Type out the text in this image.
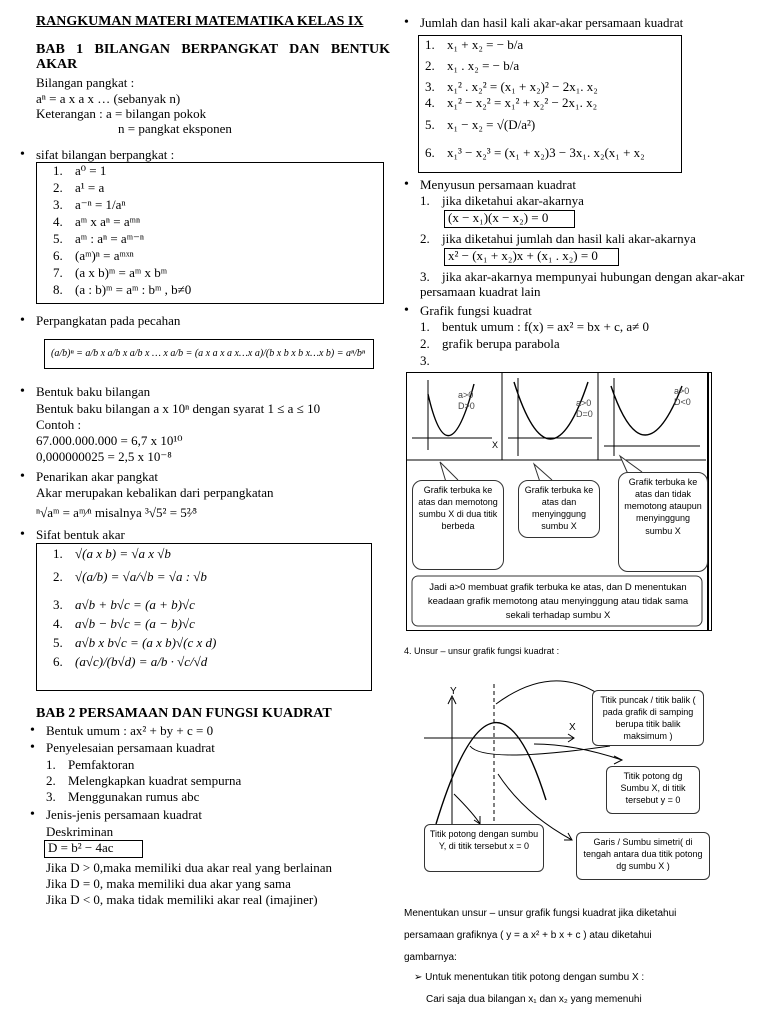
RANGKUMAN MATERI MATEMATIKA KELAS IX
BAB 1 BILANGAN BERPANGKAT DAN BENTUK AKAR
Bilangan pangkat :
aⁿ = a x a x … (sebanyak n)
Keterangan : a = bilangan pokok
n = pangkat eksponen
• sifat bilangan berpangkat :
1. a⁰ = 1
2. a¹ = a
3. a⁻ⁿ = 1/aⁿ
4. aᵐ x aⁿ = aᵐⁿ
5. aᵐ : aⁿ = aᵐ⁻ⁿ
6. (aᵐ)ⁿ = aᵐˣⁿ
7. (a x b)ᵐ = aᵐ x bᵐ
8. (a : b)ᵐ = aᵐ : bᵐ , b≠0
• Perpangkatan pada pecahan
(a/b)ⁿ = a/b x a/b x a/b x … x a/b = (a x a x a x…x a)/(b x b x b x…x b) = aⁿ/bⁿ
• Bentuk baku bilangan
Bentuk baku bilangan a x 10ⁿ dengan syarat 1 ≤ a ≤ 10
Contoh :
67.000.000.000 = 6,7 x 10¹⁰
0,000000025 = 2,5 x 10⁻⁸
• Penarikan akar pangkat
Akar merupakan kebalikan dari perpangkatan
ⁿ√aᵐ = aᵐ⁄ⁿ misalnya ³√5² = 5²⁄³
• Sifat bentuk akar
1. √(a x b) = √a x √b
2. √(a/b) = √a/√b = √a : √b
3. a√b + b√c = (a + b)√c
4. a√b − b√c = (a − b)√c
5. a√b x b√c = (a x b)√(c x d)
6. (a√c)/(b√d) = a/b · √c/√d
BAB 2 PERSAMAAN DAN FUNGSI KUADRAT
• Bentuk umum : ax² + by + c = 0
• Penyelesaian persamaan kuadrat
1. Pemfaktoran
2. Melengkapkan kuadrat sempurna
3. Menggunakan rumus abc
• Jenis-jenis persamaan kuadrat
Deskriminan
D = b² − 4ac
Jika D > 0,maka memiliki dua akar real yang berlainan
Jika D = 0, maka memiliki dua akar yang sama
Jika D < 0, maka tidak memiliki akar real (imajiner)
• Jumlah dan hasil kali akar-akar persamaan kuadrat
1. x₁ + x₂ = − b/a
2. x₁ . x₂ = − b/a
3. x₁² . x₂² = (x₁ + x₂)² − 2x₁. x₂
4. x₁² − x₂² = x₁² + x₂² − 2x₁. x₂
5. x₁ − x₂ = √(D/a²)
6. x₁³ − x₂³ = (x₁ + x₂)3 − 3x₁. x₂(x₁ + x₂
• Menyusun persamaan kuadrat
1. jika diketahui akar-akarnya
(x − x₁)(x − x₂) = 0
2. jika diketahui jumlah dan hasil kali akar-akarnya
x² − (x₁ + x₂)x + (x₁ . x₂) = 0
3. jika akar-akarnya mempunyai hubungan dengan akar-akar persamaan kuadrat lain
• Grafik fungsi kuadrat
1. bentuk umum : f(x) = ax² = bx + c, a≠ 0
2. grafik berupa parabola
3.
a>0
D>0
X
a>0
D=0
a>0
D<0
Grafik terbuka ke atas dan memotong sumbu X di dua titik berbeda
Grafik terbuka ke atas dan menyinggung sumbu X
Grafik terbuka ke atas dan tidak memotong ataupun menyinggung sumbu X
Jadi a>0 membuat grafik terbuka ke atas, dan D menentukan keadaan grafik memotong atau menyinggung atau tidak sama sekali terhadap sumbu X
4. Unsur – unsur grafik fungsi kuadrat :
Y
X
Titik puncak / titik balik ( pada grafik di samping berupa titik balik maksimum )
Titik potong dg Sumbu X, di titik tersebut y = 0
Titik potong dengan sumbu Y, di titik tersebut x = 0	Garis / Sumbu simetri( di tengah antara dua titik potong dg sumbu X )
Menentukan unsur – unsur grafik fungsi kuadrat jika diketahui
persamaan grafiknya ( y = a x² + b x + c ) atau diketahui
gambarnya:
➢ Untuk menentukan titik potong dengan sumbu X :
Cari saja dua bilangan x₁ dan x₂ yang memenuhi
